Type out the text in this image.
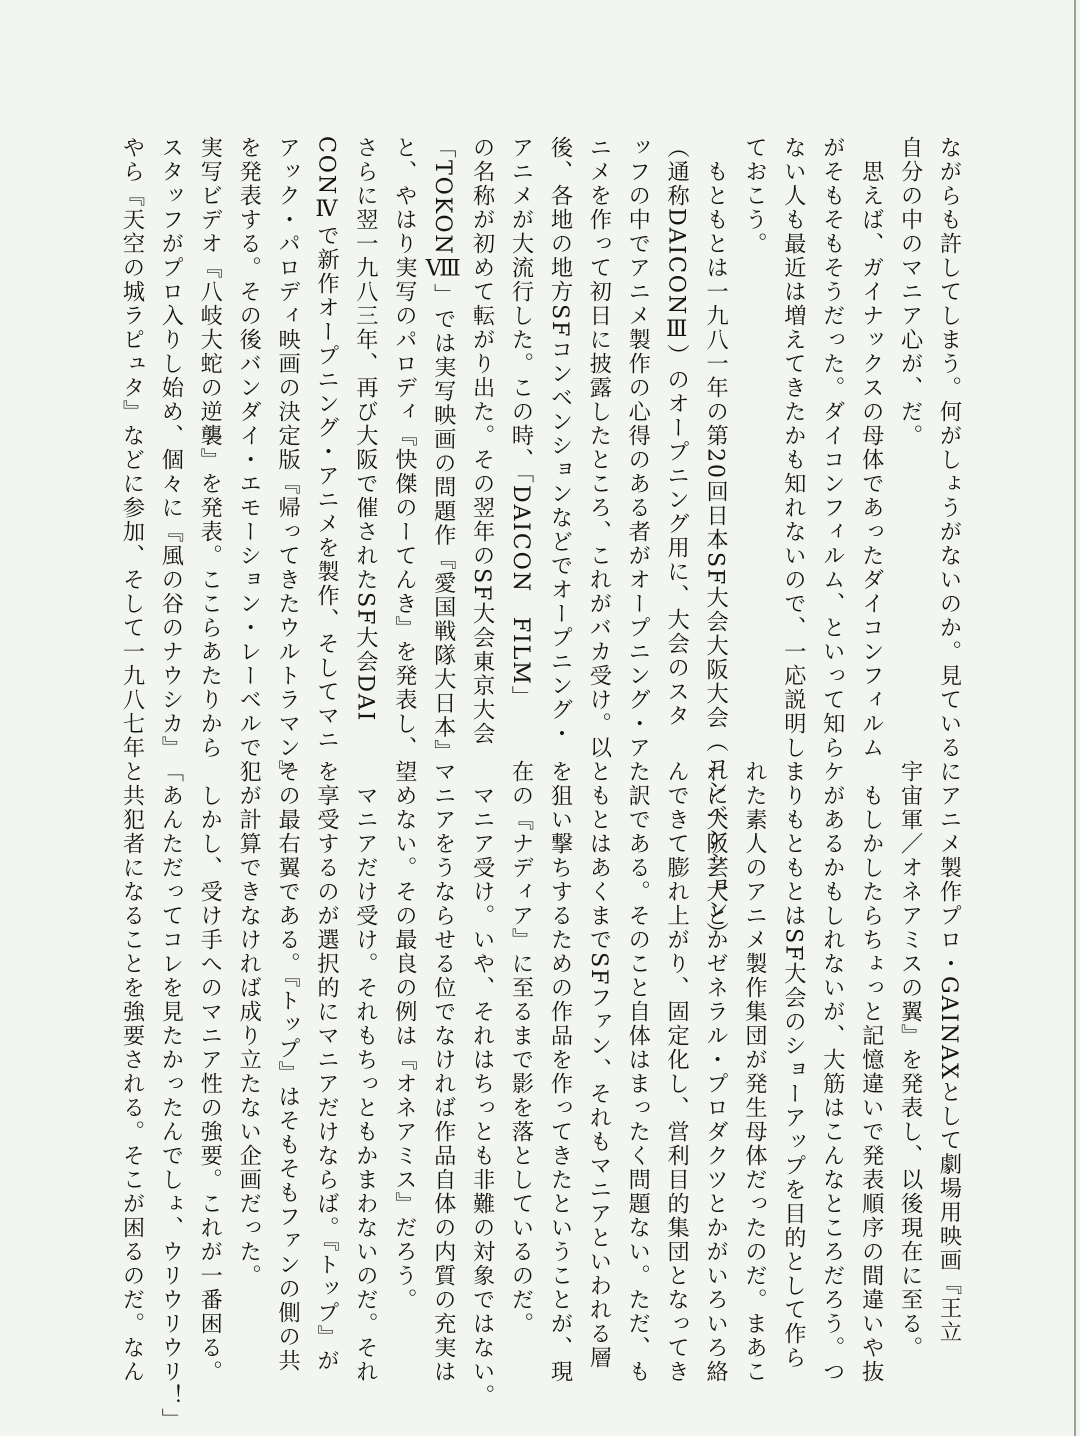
ながらも許してしまう。何がしょうがないのか。見ている

自分の中のマニア心が、だ。

　思えば、ガイナックスの母体であったダイコンフィルム

がそもそもそうだった。ダイコンフィルム、といって知ら

ない人も最近は増えてきたかも知れないので、一応説明し

ておこう。

　もともとは一九八一年の第20回日本SF大会大阪大会（コンベンション）

（通称DAICONⅢ）のオープニング用に、大会のスタ

ッフの中でアニメ製作の心得のある者がオープニング・ア

ニメを作って初日に披露したところ、これがバカ受け。以

後、各地の地方SFコンベンションなどでオープニング・

アニメが大流行した。この時、「DAICON　FILM」

の名称が初めて転がり出た。その翌年のSF大会東京大会

「TOKONⅧ」では実写映画の問題作『愛国戦隊大日本』

と、やはり実写のパロディ『快傑のーてんき』を発表し、

さらに翌一九八三年、再び大阪で催されたSF大会DAI

CONⅣで新作オープニング・アニメを製作、そしてマニ

アック・パロディ映画の決定版『帰ってきたウルトラマン』

を発表する。その後バンダイ・エモーション・レーベルで

実写ビデオ『八岐大蛇の逆襲』を発表。ここらあたりから

スタッフがプロ入りし始め、個々に『風の谷のナウシカ』

やら『天空の城ラピュタ』などに参加、そして一九八七年

にアニメ製作プロ・GAINAXとして劇場用映画『王立

宇宙軍／オネアミスの翼』を発表し、以後現在に至る。

　もしかしたらちょっと記憶違いで発表順序の間違いや抜

ケがあるかもしれないが、大筋はこんなところだろう。つ

まりもともとはSF大会のショーアップを目的として作ら

れた素人のアニメ製作集団が発生母体だったのだ。まあこ

れに大阪芸大とかゼネラル・プロダクツとかがいろいろ絡

んできて膨れ上がり、固定化し、営利目的集団となってき

た訳である。そのこと自体はまったく問題ない。ただ、も

ともとはあくまでSFファン、それもマニアといわれる層

を狙い撃ちするための作品を作ってきたということが、現

在の『ナディア』に至るまで影を落としているのだ。

　マニア受け。いや、それはちっとも非難の対象ではない。

マニアをうならせる位でなければ作品自体の内質の充実は

望めない。その最良の例は『オネアミス』だろう。

　マニアだけ受け。それもちっともかまわないのだ。それ

を享受するのが選択的にマニアだけならば。『トップ』が

その最右翼である。『トップ』はそもそもファンの側の共

犯が計算できなければ成り立たない企画だった。

　しかし、受け手へのマニア性の強要。これが一番困る。

「あんただってコレを見たかったんでしょ、ウリウリウリ！」

と共犯者になることを強要される。そこが困るのだ。なん
